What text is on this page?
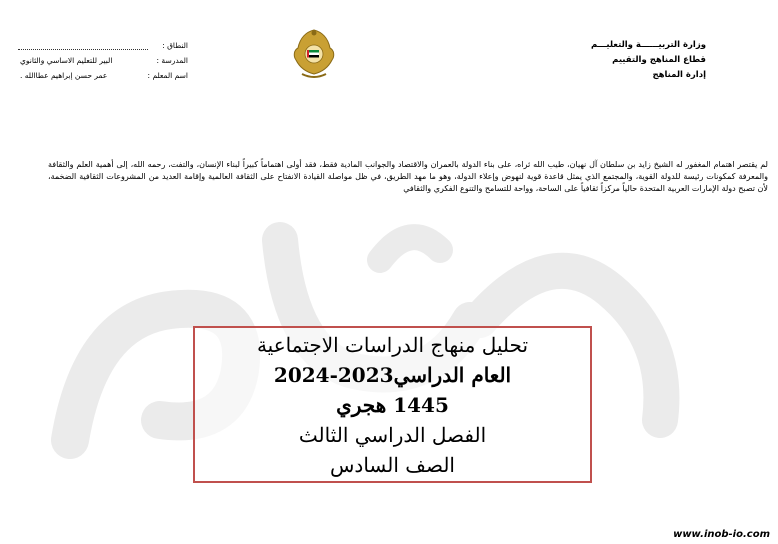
وزارة التربيــــــة والتعليـــم
قطاع المناهج والتقييم
إدارة المناهج
النطاق :
المدرسة :
البير للتعليم الاساسي والثانوي
اسم المعلم :
عمر حسن إبراهيم عطاالله .
لم يقتصر اهتمام المغفور له الشيخ زايد بن سلطان آل نهيان، طيب الله ثراه، على بناء الدولة بالعمران والاقتصاد والجوانب المادية فقط، فقد أولى اهتماماً كبيراً لبناء الإنسان، والتفت، رحمه الله، إلى أهمية العلم والثقافة والمعرفة كمكونات رئيسة للدولة القوية، والمجتمع الذي يمثل قاعدة قوية لنهوض وإعلاء الدولة، وهو ما مهد الطريق، في ظل مواصلة القيادة الانفتاح على الثقافة العالمية وإقامة العديد من المشروعات الثقافية الضخمة، لأن تصبح دولة الإمارات العربية المتحدة حالياً مركزاً ثقافياً على الساحة، وواحة للتسامح والتنوع الفكري والثقافي
تحليل منهاج الدراسات الاجتماعية
العام الدراسي2023-2024
1445 هجري
الفصل الدراسي الثالث
الصف السادس
www.inob-io.com
